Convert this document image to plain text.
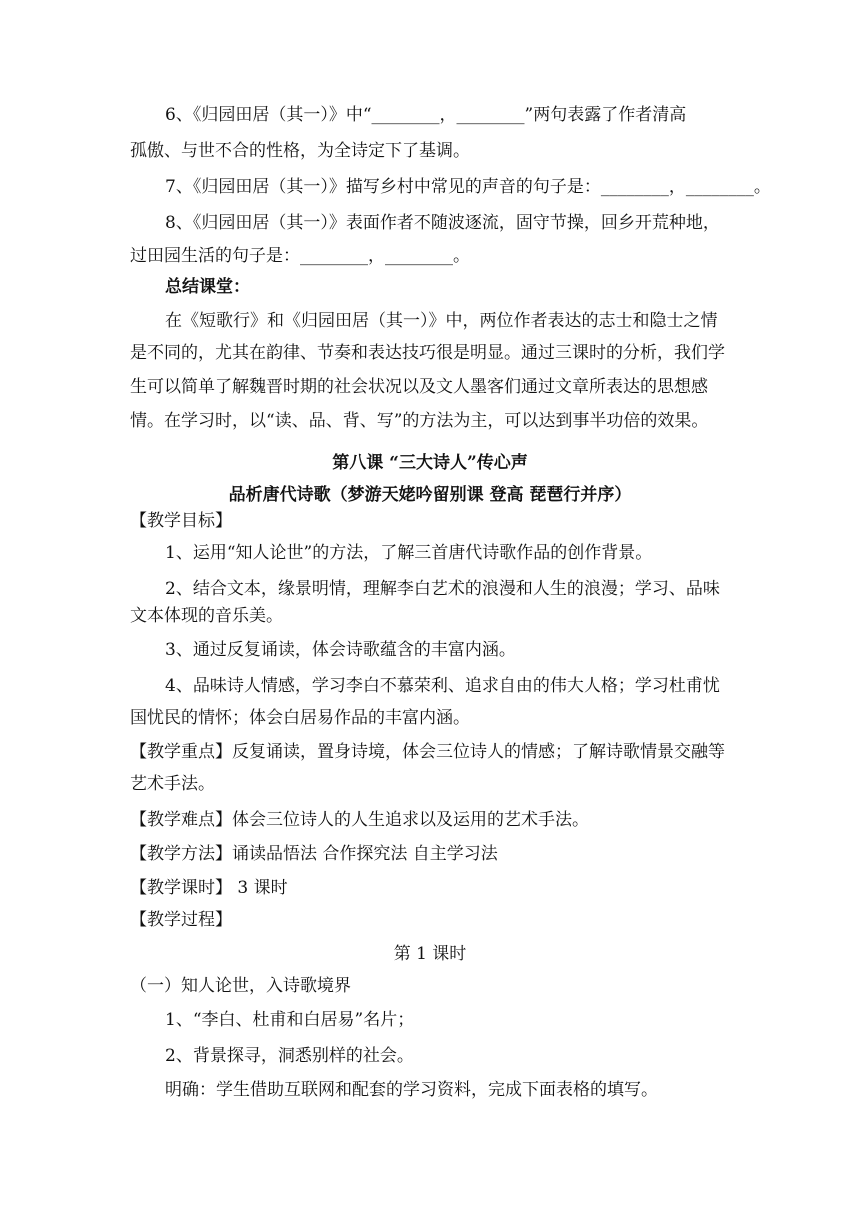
6、《归园田居（其一）》中“________，________”两句表露了作者清高
孤傲、与世不合的性格，为全诗定下了基调。
7、《归园田居（其一）》描写乡村中常见的声音的句子是：________，________。
8、《归园田居（其一）》表面作者不随波逐流，固守节操，回乡开荒种地，
过田园生活的句子是：________，________。
总结课堂：
在《短歌行》和《归园田居（其一）》中，两位作者表达的志士和隐士之情
是不同的，尤其在韵律、节奏和表达技巧很是明显。通过三课时的分析，我们学
生可以简单了解魏晋时期的社会状况以及文人墨客们通过文章所表达的思想感
情。在学习时，以“读、品、背、写”的方法为主，可以达到事半功倍的效果。
第八课 “三大诗人”传心声
品析唐代诗歌（梦游天姥吟留别课 登高 琵琶行并序）
【教学目标】
1、运用“知人论世”的方法，了解三首唐代诗歌作品的创作背景。
2、结合文本，缘景明情，理解李白艺术的浪漫和人生的浪漫；学习、品味
文本体现的音乐美。
3、通过反复诵读，体会诗歌蕴含的丰富内涵。
4、品味诗人情感，学习李白不慕荣利、追求自由的伟大人格；学习杜甫忧
国忧民的情怀；体会白居易作品的丰富内涵。
【教学重点】反复诵读，置身诗境，体会三位诗人的情感；了解诗歌情景交融等
艺术手法。
【教学难点】体会三位诗人的人生追求以及运用的艺术手法。
【教学方法】诵读品悟法 合作探究法 自主学习法
【教学课时】 3 课时
【教学过程】
第 1 课时
（一）知人论世，入诗歌境界
1、“李白、杜甫和白居易”名片；
2、背景探寻，洞悉别样的社会。
明确：学生借助互联网和配套的学习资料，完成下面表格的填写。
